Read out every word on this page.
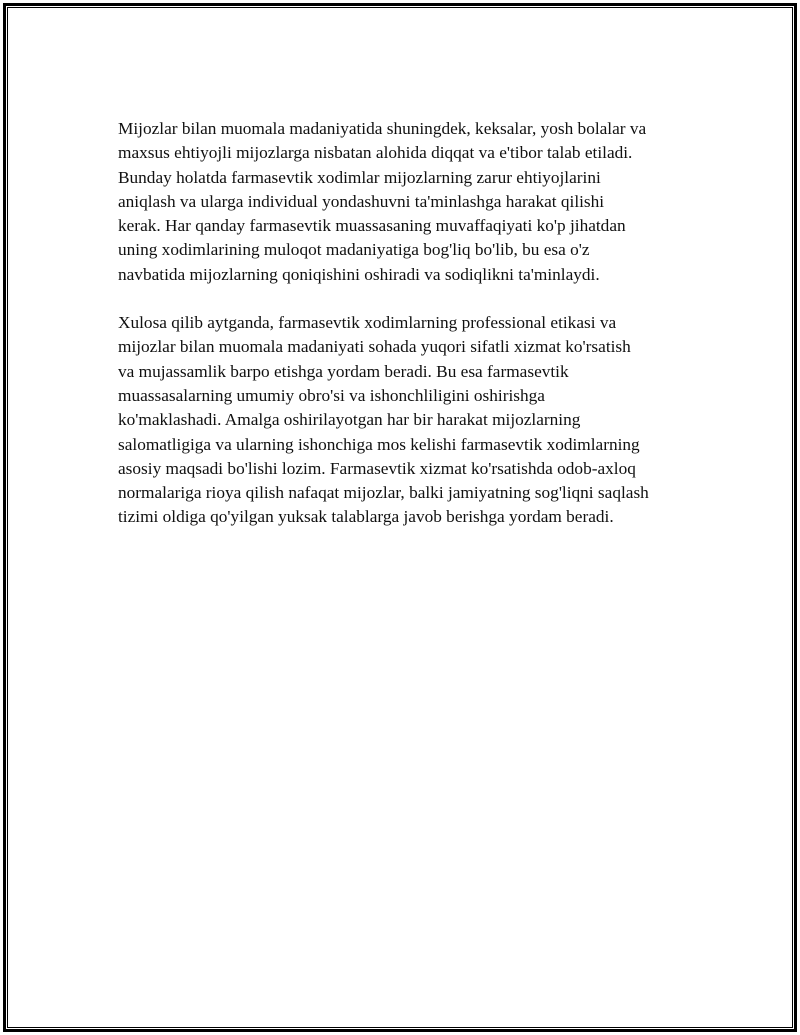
Mijozlar bilan muomala madaniyatida shuningdek, keksalar, yosh bolalar va
maxsus ehtiyojli mijozlarga nisbatan alohida diqqat va e'tibor talab etiladi.
Bunday holatda farmasevtik xodimlar mijozlarning zarur ehtiyojlarini
aniqlash va ularga individual yondashuvni ta'minlashga harakat qilishi
kerak. Har qanday farmasevtik muassasaning muvaffaqiyati ko'p jihatdan
uning xodimlarining muloqot madaniyatiga bog'liq bo'lib, bu esa o'z
navbatida mijozlarning qoniqishini oshiradi va sodiqlikni ta'minlaydi.

Xulosa qilib aytganda, farmasevtik xodimlarning professional etikasi va
mijozlar bilan muomala madaniyati sohada yuqori sifatli xizmat ko'rsatish
va mujassamlik barpo etishga yordam beradi. Bu esa farmasevtik
muassasalarning umumiy obro'si va ishonchliligini oshirishga
ko'maklashadi. Amalga oshirilayotgan har bir harakat mijozlarning
salomatligiga va ularning ishonchiga mos kelishi farmasevtik xodimlarning
asosiy maqsadi bo'lishi lozim. Farmasevtik xizmat ko'rsatishda odob-axloq
normalariga rioya qilish nafaqat mijozlar, balki jamiyatning sog'liqni saqlash
tizimi oldiga qo'yilgan yuksak talablarga javob berishga yordam beradi.
